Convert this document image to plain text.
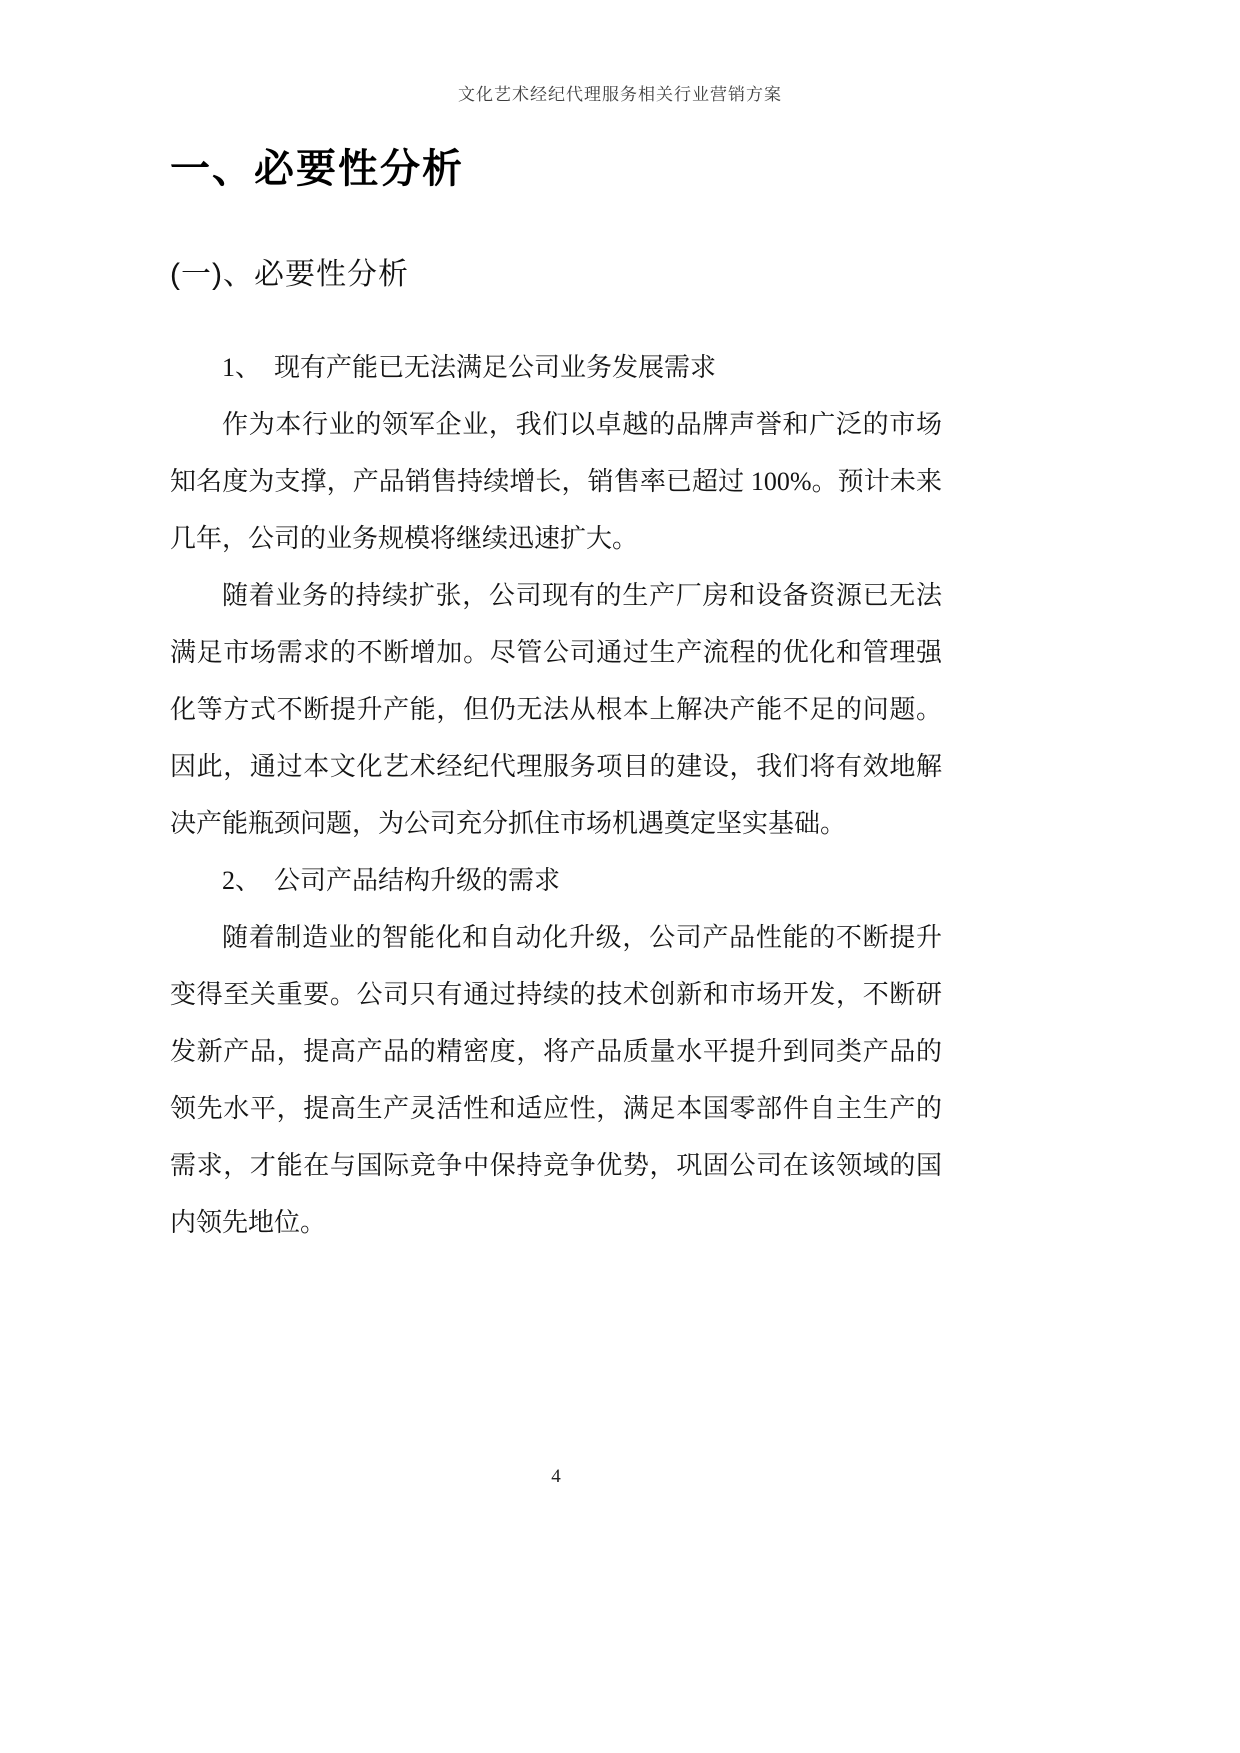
文化艺术经纪代理服务相关行业营销方案
一、必要性分析
(一)、必要性分析

1、　现有产能已无法满足公司业务发展需求

作为本行业的领军企业，我们以卓越的品牌声誉和广泛的市场知名度为支撑，产品销售持续增长，销售率已超过 100%。预计未来几年，公司的业务规模将继续迅速扩大。

随着业务的持续扩张，公司现有的生产厂房和设备资源已无法满足市场需求的不断增加。尽管公司通过生产流程的优化和管理强化等方式不断提升产能，但仍无法从根本上解决产能不足的问题。因此，通过本文化艺术经纪代理服务项目的建设，我们将有效地解决产能瓶颈问题，为公司充分抓住市场机遇奠定坚实基础。

2、　公司产品结构升级的需求

随着制造业的智能化和自动化升级，公司产品性能的不断提升变得至关重要。公司只有通过持续的技术创新和市场开发，不断研发新产品，提高产品的精密度，将产品质量水平提升到同类产品的领先水平，提高生产灵活性和适应性，满足本国零部件自主生产的需求，才能在与国际竞争中保持竞争优势，巩固公司在该领域的国内领先地位。

4
